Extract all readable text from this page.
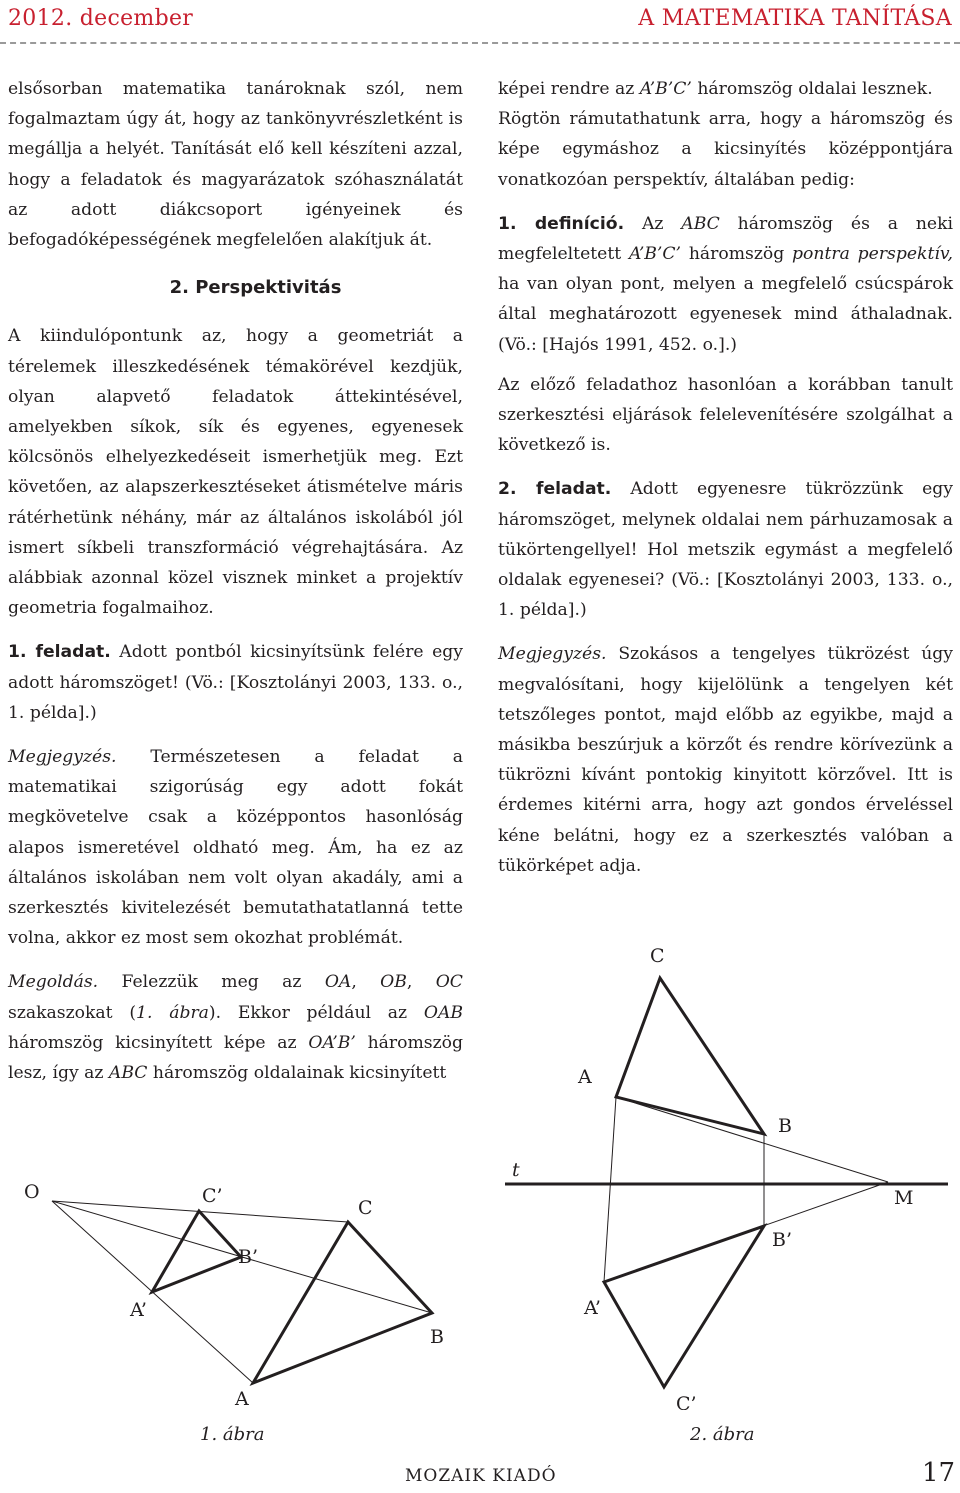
2012. december	A MATEMATIKA TANÍTÁSA

elsősorban matematika tanároknak szól, nem fogalmaztam úgy át, hogy az tankönyvrészletként is megállja a helyét. Tanítását elő kell készíteni azzal, hogy a feladatok és magyarázatok szóhasználatát az adott diákcsoport igényeinek és befogadóképességének megfelelően alakítjuk át.

2. Perspektivitás

A kiindulópontunk az, hogy a geometriát a térelemek illeszkedésének témakörével kezdjük, olyan alapvető feladatok áttekintésével, amelyekben síkok, sík és egyenes, egyenesek kölcsönös elhelyezkedéseit ismerhetjük meg. Ezt követően, az alapszerkesztéseket átismételve máris rátérhetünk néhány, már az általános iskolából jól ismert síkbeli transzformáció végrehajtására. Az alábbiak azonnal közel visznek minket a projektív geometria fogalmaihoz.

1. feladat. Adott pontból kicsinyítsünk felére egy adott háromszöget! (Vö.: [Kosztolányi 2003, 133. o., 1. példa].)

Megjegyzés. Természetesen a feladat a matematikai szigorúság egy adott fokát megkövetelve csak a középpontos hasonlóság alapos ismeretével oldható meg. Ám, ha ez az általános iskolában nem volt olyan akadály, ami a szerkesztés kivitelezését bemutathatatlanná tette volna, akkor ez most sem okozhat problémát.

Megoldás. Felezzük meg az OA, OB, OC szakaszokat (1. ábra). Ekkor például az OAB háromszög kicsinyített képe az OA’B’ háromszög lesz, így az ABC háromszög oldalainak kicsinyített

képei rendre az A’B’C’ háromszög oldalai lesznek.

Rögtön rámutathatunk arra, hogy a háromszög és képe egymáshoz a kicsinyítés középpontjára vonatkozóan perspektív, általában pedig:

1. definíció. Az ABC háromszög és a neki megfeleltetett A’B’C’ háromszög pontra perspektív, ha van olyan pont, melyen a megfelelő csúcspárok által meghatározott egyenesek mind áthaladnak. (Vö.: [Hajós 1991, 452. o.].)

Az előző feladathoz hasonlóan a korábban tanult szerkesztési eljárások felelevenítésére szolgálhat a következő is.

2. feladat. Adott egyenesre tükrözzünk egy háromszöget, melynek oldalai nem párhuzamosak a tükörtengellyel! Hol metszik egymást a megfelelő oldalak egyenesei? (Vö.: [Kosztolányi 2003, 133. o., 1. példa].)

Megjegyzés. Szokásos a tengelyes tükrözést úgy megvalósítani, hogy kijelölünk a tengelyen két tetszőleges pontot, majd előbb az egyikbe, majd a másikba beszúrjuk a körzőt és rendre körívezünk a tükrözni kívánt pontokig kinyitott körzővel. Itt is érdemes kitérni arra, hogy azt gondos érveléssel kéne belátni, hogy ez a szerkesztés valóban a tükörképet adja.

O	C’
C
B’
A’
B
A
1. ábra
C
A
B
t
M
B’
A’
C’
2. ábra
MOZAIK KIADÓ	17
